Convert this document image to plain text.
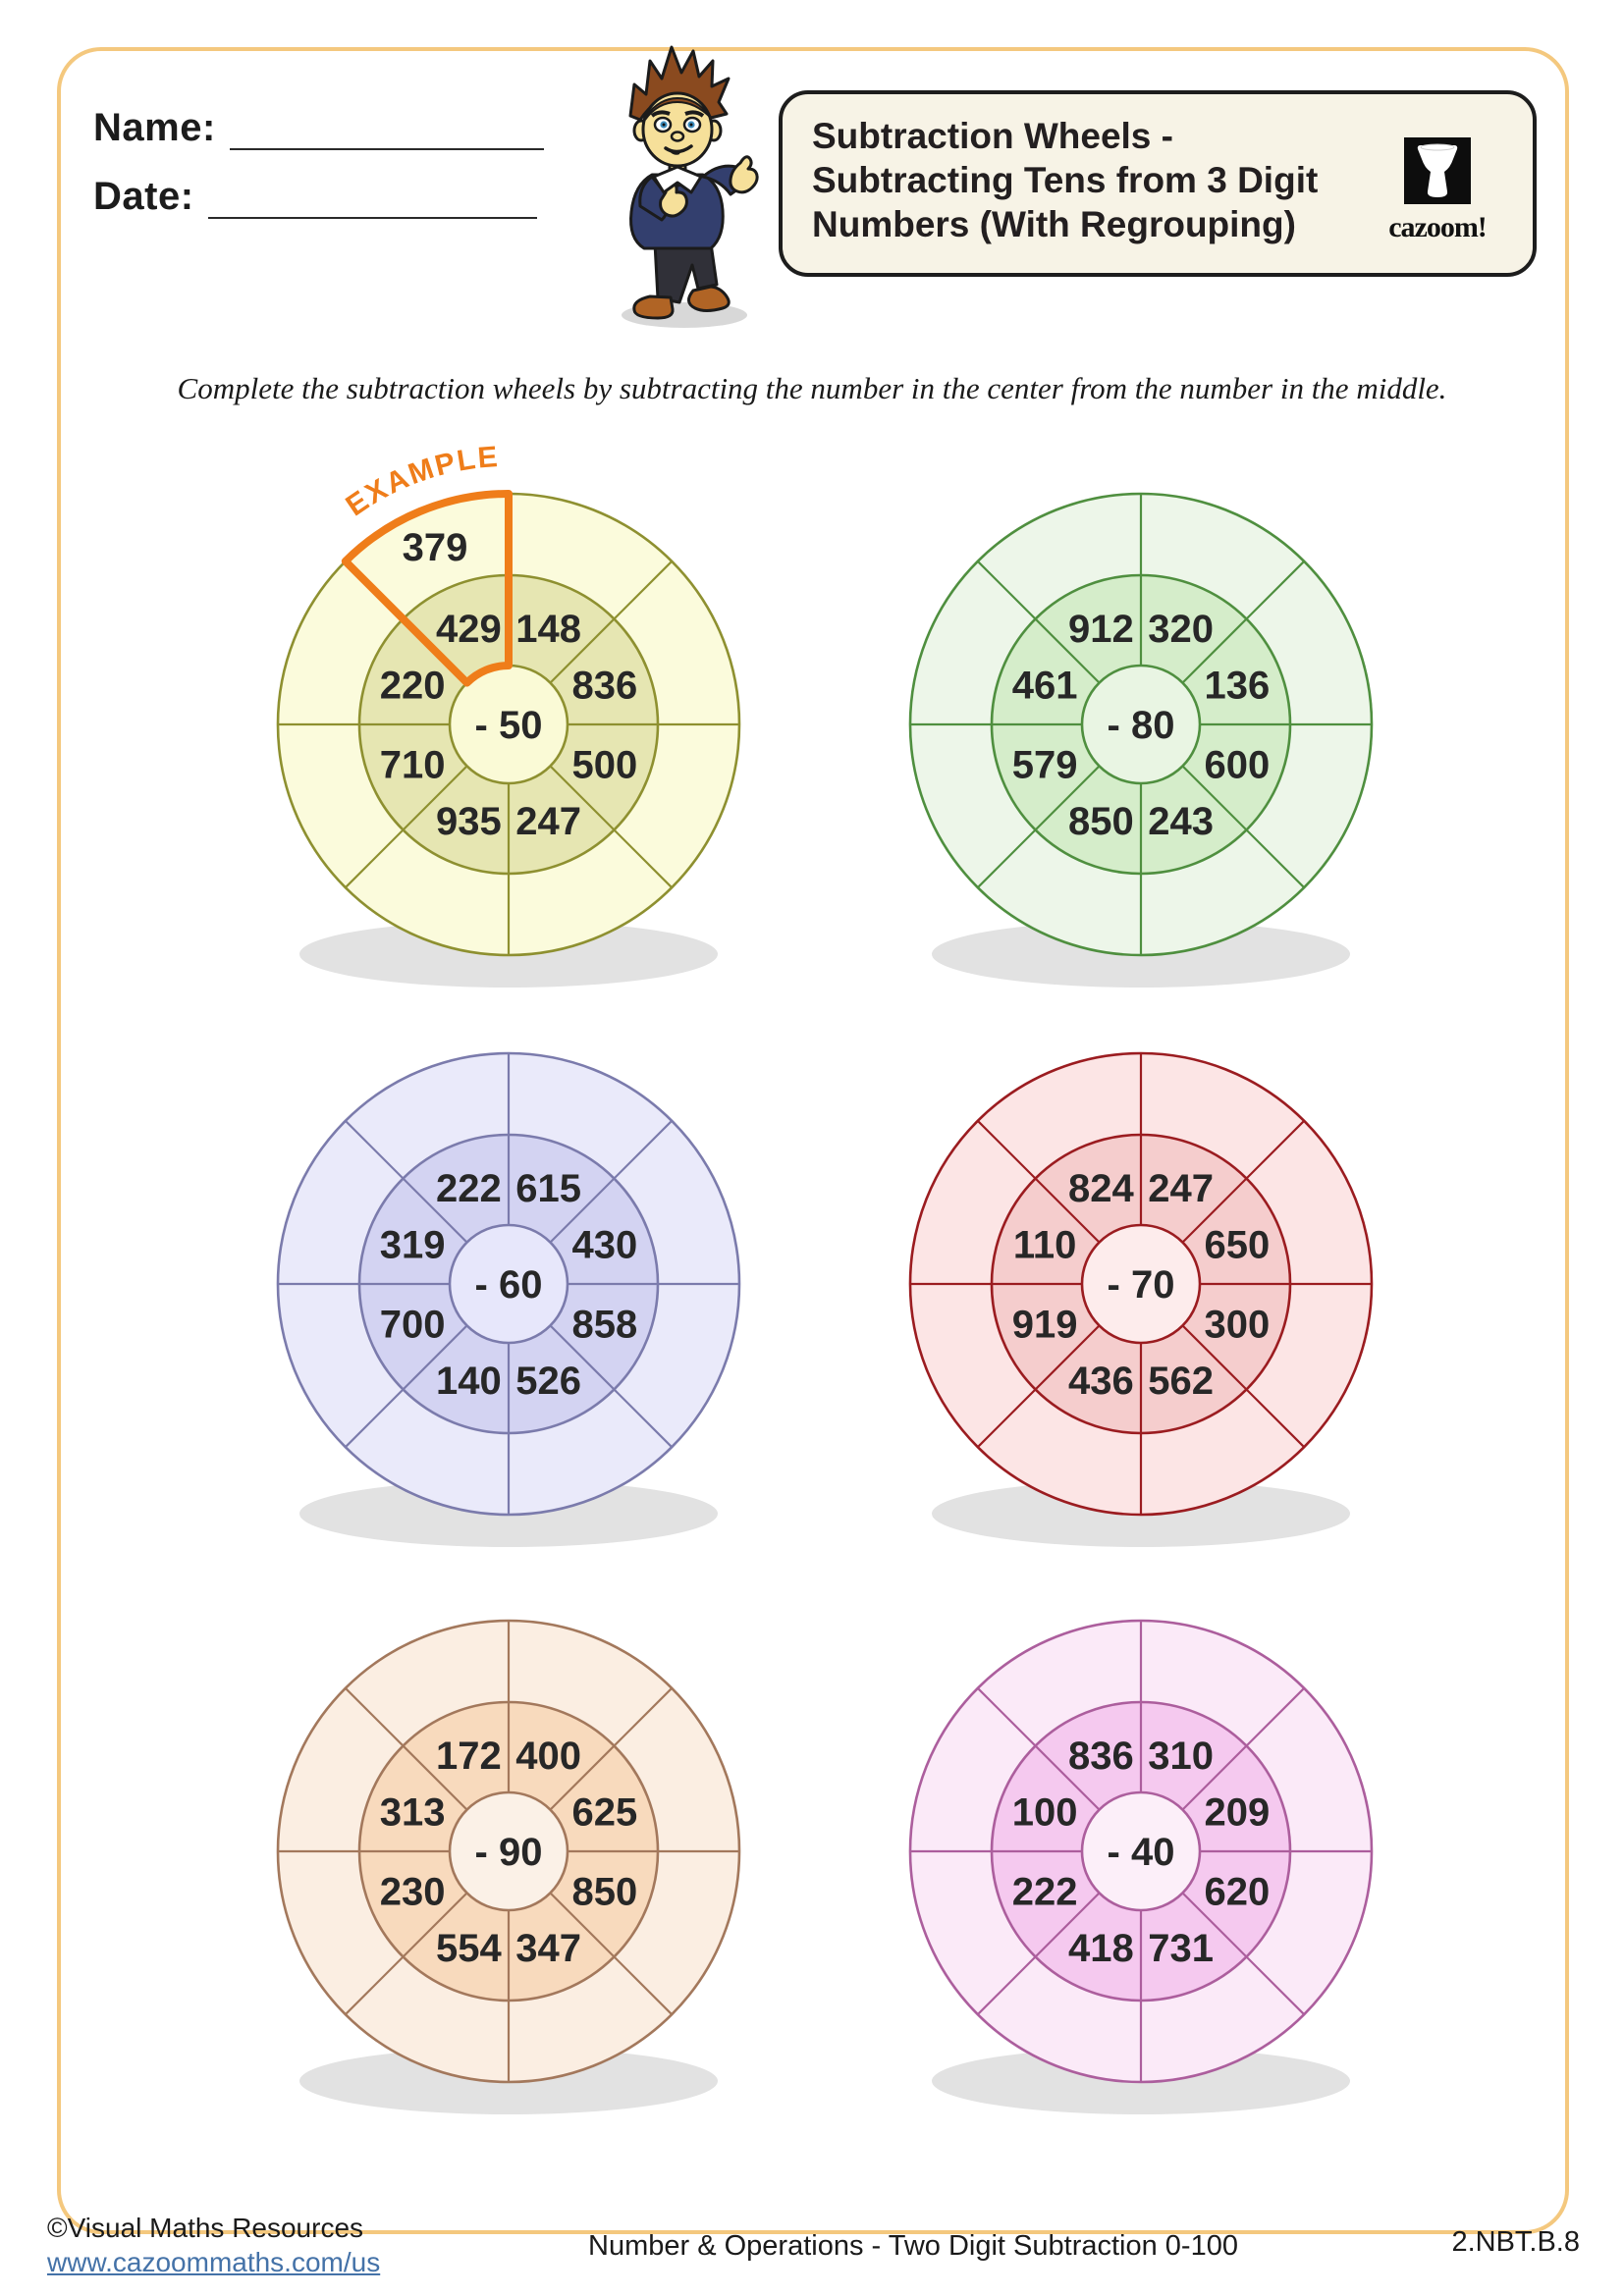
Name:
Date:
Subtraction Wheels -
Subtracting Tens from 3 Digit
Numbers (With Regrouping)	cazoom!
Complete the subtraction wheels by subtracting the number in the center from the number in the middle.
- 50
148
836
500
247
935
710
220
429
379
EXAMPLE
- 80
320
136
600
243
850
579
461
912
- 60
615
430
858
526
140
700
319
222
- 70
247
650
300
562
436
919
110
824
- 90
400
625
850
347
554
230
313
172
- 40
310
209
620
731
418
222
100
836
©Visual Maths Resources
www.cazoommaths.com/us
Number & Operations - Two Digit Subtraction 0-100	2.NBT.B.8
